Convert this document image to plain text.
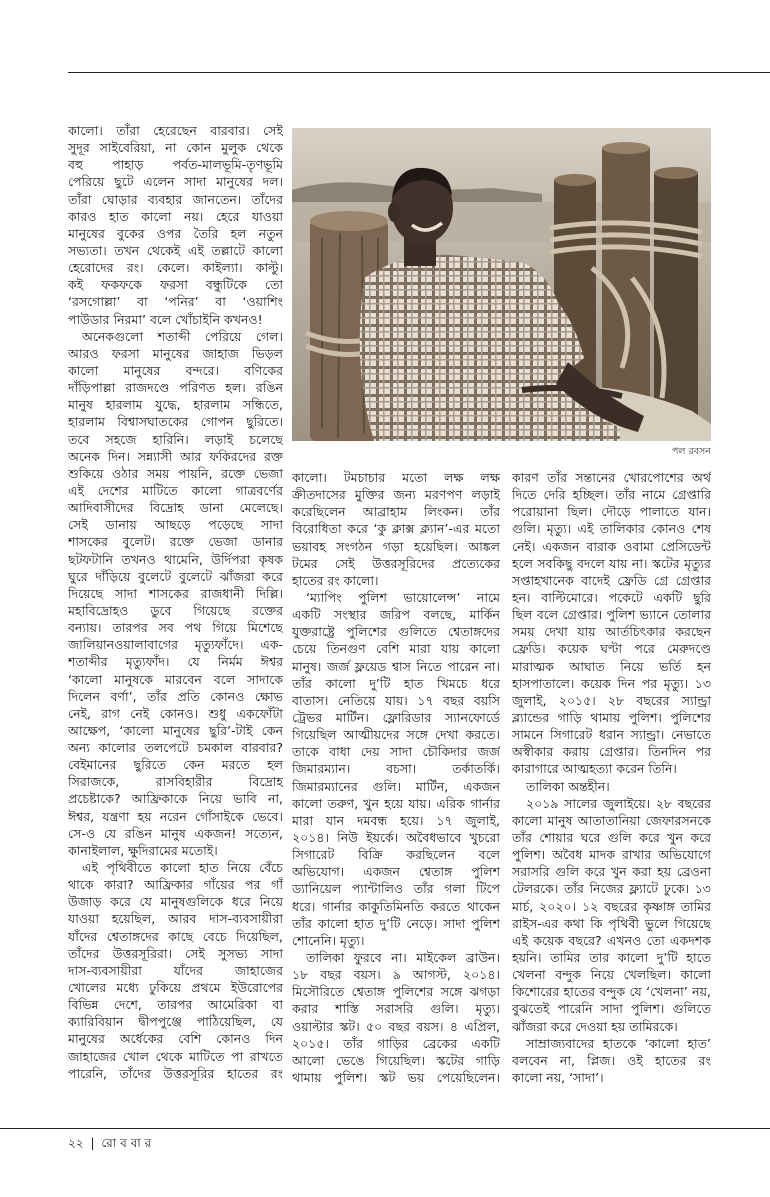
কালো। তাঁরা হেরেছেন বারবার। সেই
সুদূর সাইবেরিয়া, না কোন মুলুক থেকে
বহু পাহাড় পর্বত-মালভূমি-তৃণভূমি
পেরিয়ে ছুটে এলেন সাদা মানুষের দল।
তাঁরা ঘোড়ার ব্যবহার জানতেন। তাঁদের
কারও হাত কালো নয়। হেরে যাওয়া
মানুষের বুকের ওপর তৈরি হল নতুন
সভ্যতা। তখন থেকেই এই তল্লাটে কালো
হেরোদের রং। কেলে। কাইল্যা। কাল্টু।
কই ফকফকে ফরসা বন্ধুটিকে তো
‘রসগোল্লা’ বা ‘পনির’ বা ‘ওয়াশিং
পাউডার নিরমা’ বলে খোঁচাইনি কখনও!
অনেকগুলো শতাব্দী পেরিয়ে গেল।
আরও ফরসা মানুষের জাহাজ ভিড়ল
কালো মানুষের বন্দরে। বণিকের
দাঁড়িপাল্লা রাজদণ্ডে পরিণত হল। রঙিন
মানুষ হারলাম যুদ্ধে, হারলাম সন্ধিতে,
হারলাম বিশ্বাসঘাতকের গোপন ছুরিতে।
তবে সহজে হারিনি। লড়াই চলেছে
অনেক দিন। সন্ন্যাসী আর ফকিরদের রক্ত
শুকিয়ে ওঠার সময় পায়নি, রক্তে ভেজা
এই দেশের মাটিতে কালো গাত্রবর্ণের
আদিবাসীদের বিদ্রোহ ডানা মেলেছে।
সেই ডানায় আছড়ে পড়েছে সাদা
শাসকের বুলেট। রক্তে ভেজা ডানার
ছটফটানি তখনও থামেনি, উর্দিপরা কৃষক
ঘুরে দাঁড়িয়ে বুলেটে বুলেটে ঝাঁজরা করে
দিয়েছে সাদা শাসকের রাজধানী দিল্লি।
মহাবিদ্রোহও ডুবে গিয়েছে রক্তের
বন্যায়। তারপর সব পথ গিয়ে মিশেছে
জালিয়ানওয়ালাবাগের মৃত্যুফাঁদে। এক-
শতাব্দীর মৃত্যুফাঁদ। যে নির্মম ঈশ্বর
‘কালো মানুষকে মারবেন বলে সাদাকে
দিলেন বর্ণা’, তাঁর প্রতি কোনও ক্ষোভ
নেই, রাগ নেই কোনও। শুধু একফোঁটা
আক্ষেপ, ‘কালো মানুষের ছুরি’-টাই কেন
অন্য কালোর তলপেটে চমকাল বারবার?
বেইমানের ছুরিতে কেন মরতে হল
সিরাজকে,	রাসবিহারীর	বিদ্রোহ
প্রচেষ্টাকে? আফ্রিকাকে নিয়ে ভাবি না,
ঈশ্বর, যন্ত্রণা হয় নরেন গোঁসাইকে ভেবে।
সে-ও যে রঙিন মানুষ একজন! সত্যেন,
কানাইলাল, ক্ষুদিরামের মতোই।
এই পৃথিবীতে কালো হাত নিয়ে বেঁচে
থাকে কারা? আফ্রিকার গাঁয়ের পর গাঁ
উজাড় করে যে মানুষগুলিকে ধরে নিয়ে
যাওয়া হয়েছিল, আরব দাস-ব্যবসায়ীরা
যাঁদের শ্বেতাঙ্গদের কাছে বেচে দিয়েছিল,
তাঁদের উত্তরসূরিরা। সেই সুসভ্য সাদা
দাস-ব্যবসায়ীরা	যাঁদের	জাহাজের
খোলের মধ্যে ঢুকিয়ে প্রথমে ইউরোপের
বিভিন্ন দেশে, তারপর আমেরিকা বা
ক্যারিবিয়ান দ্বীপপুঞ্জে পাঠিয়েছিল, যে
মানুষের অর্ধেকের বেশি কোনও দিন
জাহাজের খোল থেকে মাটিতে পা রাখতে
পারেনি, তাঁদের উত্তরসূরির হাতের রং
পল রবসন
কালো। টমচাচার মতো লক্ষ লক্ষ
ক্রীতদাসের মুক্তির জন্য মরণপণ লড়াই
করেছিলেন আব্রাহাম লিংকন। তাঁর
বিরোধিতা করে ‘কু ক্লাক্স ক্ল্যান’-এর মতো
ভয়াবহ সংগঠন গড়া হয়েছিল। আঙ্কল
টমের সেই উত্তরসূরিদের প্রত্যেকের
হাতের রং কালো।
‘ম্যাপিং পুলিশ ভায়োলেন্স’ নামে
একটি সংস্থার জরিপ বলছে, মার্কিন
যুক্তরাষ্ট্রে পুলিশের গুলিতে শ্বেতাঙ্গদের
চেয়ে তিনগুণ বেশি মারা যায় কালো
মানুষ। জর্জ ফ্লয়েড শ্বাস নিতে পারেন না।
তাঁর কালো দু’টি হাত খিমচে ধরে
বাতাস। নেতিয়ে যায়। ১৭ বছর বয়সি
ট্রেভর মার্টিন। ফ্লোরিডার স্যানফোর্ডে
গিয়েছিল আত্মীয়দের সঙ্গে দেখা করতে।
তাকে বাধা দেয় সাদা চৌকিদার জর্জ
জিমারম্যান।	বচসা।	তর্কাতর্কি।
জিমারম্যানের গুলি। মার্টিন, একজন
কালো তরুণ, খুন হয়ে যায়। এরিক গার্নার
মারা যান দমবন্ধ হয়ে। ১৭ জুলাই,
২০১৪। নিউ ইয়র্কে। অবৈধভাবে খুচরো
সিগারেট বিক্রি করছিলেন বলে
অভিযোগ। একজন শ্বেতাঙ্গ পুলিশ
ড্যানিয়েল প্যান্টালিও তাঁর গলা টিপে
ধরে। গার্নার কাকুতিমিনতি করতে থাকেন
তাঁর কালো হাত দু’টি নেড়ে। সাদা পুলিশ
শোনেনি। মৃত্যু।
তালিকা ফুরবে না। মাইকেল ব্রাউন।
১৮ বছর বয়স। ৯ আগস্ট, ২০১৪।
মিসৌরিতে শ্বেতাঙ্গ পুলিশের সঙ্গে ঝগড়া
করার শাস্তি সরাসরি গুলি। মৃত্যু।
ওয়াল্টার স্কট। ৫০ বছর বয়স। ৪ এপ্রিল,
২০১৫। তাঁর গাড়ির ব্রেকের একটি
আলো ভেঙে গিয়েছিল। স্কটের গাড়ি
থামায় পুলিশ। স্কট ভয় পেয়েছিলেন।
কারণ তাঁর সন্তানের খোরপোশের অর্থ
দিতে দেরি হচ্ছিল। তাঁর নামে গ্রেপ্তারি
পরোয়ানা ছিল। দৌড়ে পালাতে যান।
গুলি। মৃত্যু। এই তালিকার কোনও শেষ
নেই। একজন বারাক ওবামা প্রেসিডেন্ট
হলে সবকিছু বদলে যায় না। স্কটের মৃত্যুর
সপ্তাহখানেক বাদেই ফ্রেডি গ্রে গ্রেপ্তার
হন। বাল্টিমোরে। পকেটে একটি ছুরি
ছিল বলে গ্রেপ্তার। পুলিশ ভ্যানে তোলার
সময় দেখা যায় আর্তচিৎকার করছেন
ফ্রেডি। কয়েক ঘণ্টা পরে মেরুদণ্ডে
মারাত্মক আঘাত নিয়ে ভর্তি হন
হাসপাতালে। কয়েক দিন পর মৃত্যু। ১৩
জুলাই, ২০১৫। ২৮ বছরের স্যান্ড্রা
ব্ল্যান্ডের গাড়ি থামায় পুলিশ। পুলিশের
সামনে সিগারেট ধরান স্যান্ড্রা। নেভাতে
অস্বীকার করায় গ্রেপ্তার। তিনদিন পর
কারাগারে আত্মহত্যা করেন তিনি।
তালিকা অন্তহীন।
২০১৯ সালের জুলাইয়ে। ২৮ বছরের
কালো মানুষ আতাতানিয়া জেফারসনকে
তাঁর শোয়ার ঘরে গুলি করে খুন করে
পুলিশ। অবৈধ মাদক রাখার অভিযোগে
সরাসরি গুলি করে খুন করা হয় ব্রেওনা
টেলরকে। তাঁর নিজের ফ্ল্যাটে ঢুকে। ১৩
মার্চ, ২০২০। ১২ বছরের কৃষ্ণাঙ্গ তামির
রাইস-এর কথা কি পৃথিবী ভুলে গিয়েছে
এই কয়েক বছরে? এখনও তো একদশক
হয়নি। তামির তার কালো দু’টি হাতে
খেলনা বন্দুক নিয়ে খেলছিল। কালো
কিশোরের হাতের বন্দুক যে ‘খেলনা’ নয়,
বুঝতেই পারেনি সাদা পুলিশ। গুলিতে
ঝাঁজরা করে দেওয়া হয় তামিরকে।
সাম্রাজ্যবাদের হাতকে ‘কালো হাত’
বলবেন না, প্লিজ। ওই হাতের রং
কালো নয়, ‘সাদা’।
২২ | রো ব বা র
